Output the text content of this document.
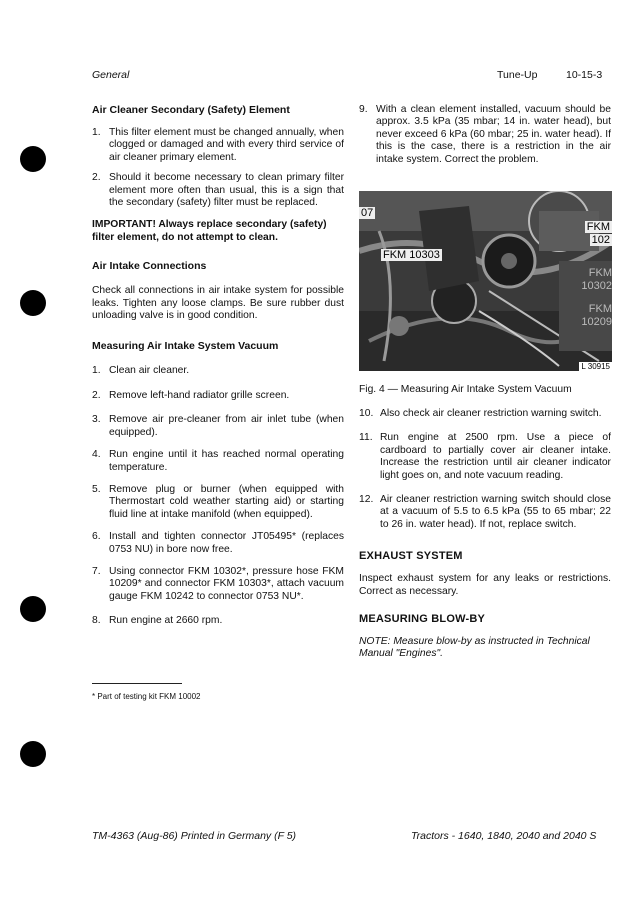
General	Tune-Up	10-15-3

Air Cleaner Secondary (Safety) Element

1. This filter element must be changed annually, when clogged or damaged and with every third service of air cleaner primary element.
2. Should it become necessary to clean primary filter element more often than usual, this is a sign that the secondary (safety) filter must be replaced.

IMPORTANT! Always replace secondary (safety) filter element, do not attempt to clean.

Air Intake Connections

Check all connections in air intake system for possible leaks. Tighten any loose clamps. Be sure rubber dust unloading valve is in good condition.

Measuring Air Intake System Vacuum

1. Clean air cleaner.
2. Remove left-hand radiator grille screen.
3. Remove air pre-cleaner from air inlet tube (when equipped).
4. Run engine until it has reached normal operating temperature.
5. Remove plug or burner (when equipped with Thermostart cold weather starting aid) or starting fluid line at intake manifold (when equipped).
6. Install and tighten connector JT05495* (replaces 0753 NU) in bore now free.
7. Using connector FKM 10302*, pressure hose FKM 10209* and connector FKM 10303*, attach vacuum gauge FKM 10242 to connector 0753 NU*.
8. Run engine at 2660 rpm.
* Part of testing kit FKM 10002
9. With a clean element installed, vacuum should be approx. 3.5 kPa (35 mbar; 14 in. water head), but never exceed 6 kPa (60 mbar; 25 in. water head). If this is the case, there is a restriction in the air intake system. Correct the problem.
07
FKM 10303
FKM
102
FKM
10302
FKM
10209
L 30915
Fig. 4 — Measuring Air Intake System Vacuum
10. Also check air cleaner restriction warning switch.
11. Run engine at 2500 rpm. Use a piece of cardboard to partially cover air cleaner intake. Increase the restriction until air cleaner indicator light goes on, and note vacuum reading.
12. Air cleaner restriction warning switch should close at a vacuum of 5.5 to 6.5 kPa (55 to 65 mbar; 22 to 26 in. water head). If not, replace switch.

EXHAUST SYSTEM

Inspect exhaust system for any leaks or restrictions. Correct as necessary.

MEASURING BLOW-BY

NOTE: Measure blow-by as instructed in Technical Manual "Engines".

TM-4363 (Aug-86) Printed in Germany (F 5)	Tractors - 1640, 1840, 2040 and 2040 S
